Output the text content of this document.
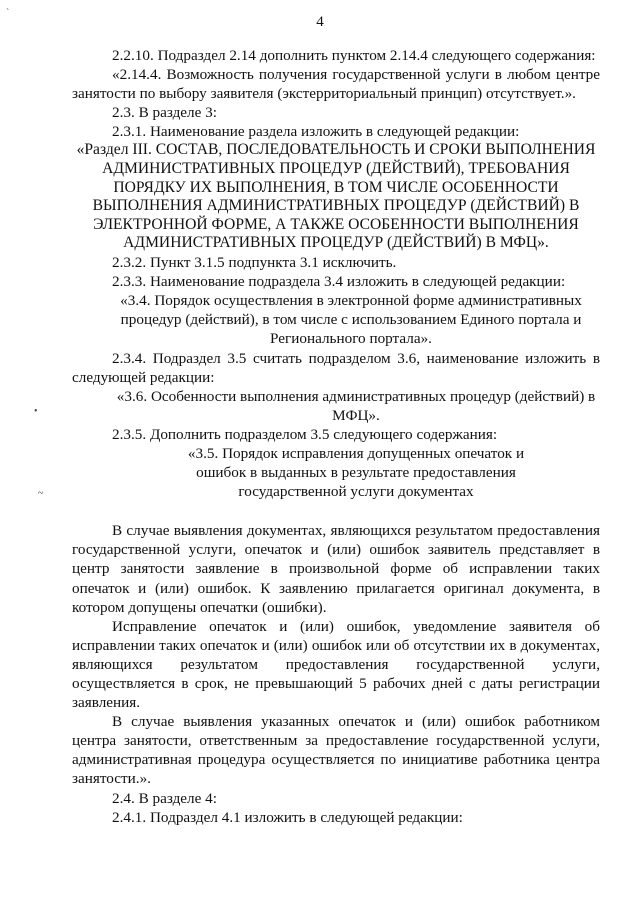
4
`
•
~

2.2.10. Подраздел 2.14 дополнить пунктом 2.14.4 следующего содержания:

«2.14.4. Возможность получения государственной услуги в любом центре занятости по выбору заявителя (экстерриториальный принцип) отсутствует.».

2.3. В разделе 3:

2.3.1. Наименование раздела изложить в следующей редакции:

«Раздел III. СОСТАВ, ПОСЛЕДОВАТЕЛЬНОСТЬ И СРОКИ ВЫПОЛНЕНИЯ АДМИНИСТРАТИВНЫХ ПРОЦЕДУР (ДЕЙСТВИЙ), ТРЕБОВАНИЯ ПОРЯДКУ ИХ ВЫПОЛНЕНИЯ, В ТОМ ЧИСЛЕ ОСОБЕННОСТИ ВЫПОЛНЕНИЯ АДМИНИСТРАТИВНЫХ ПРОЦЕДУР (ДЕЙСТВИЙ) В ЭЛЕКТРОННОЙ ФОРМЕ, А ТАКЖЕ ОСОБЕННОСТИ ВЫПОЛНЕНИЯ АДМИНИСТРАТИВНЫХ ПРОЦЕДУР (ДЕЙСТВИЙ) В МФЦ».

2.3.2. Пункт 3.1.5 подпункта 3.1 исключить.

2.3.3. Наименование подраздела 3.4 изложить в следующей редакции:

«3.4. Порядок осуществления в электронной форме административных процедур (действий), в том числе с использованием Единого портала и Регионального портала».

2.3.4. Подраздел 3.5 считать подразделом 3.6, наименование изложить в следующей редакции:

«3.6. Особенности выполнения административных процедур (действий) в МФЦ».

2.3.5. Дополнить подразделом 3.5 следующего содержания:

«3.5. Порядок исправления допущенных опечаток и ошибок в выданных в результате предоставления государственной услуги документах

В случае выявления документах, являющихся результатом предоставления государственной услуги, опечаток и (или) ошибок заявитель представляет в центр занятости заявление в произвольной форме об исправлении таких опечаток и (или) ошибок. К заявлению прилагается оригинал документа, в котором допущены опечатки (ошибки).

Исправление опечаток и (или) ошибок, уведомление заявителя об исправлении таких опечаток и (или) ошибок или об отсутствии их в документах, являющихся результатом предоставления государственной услуги, осуществляется в срок, не превышающий 5 рабочих дней с даты регистрации заявления.

В случае выявления указанных опечаток и (или) ошибок работником центра занятости, ответственным за предоставление государственной услуги, административная процедура осуществляется по инициативе работника центра занятости.».

2.4. В разделе 4:

2.4.1. Подраздел 4.1 изложить в следующей редакции:
